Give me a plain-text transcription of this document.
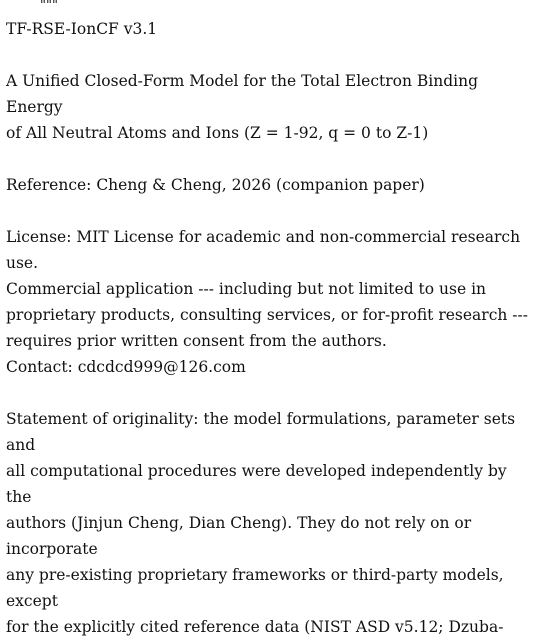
"""

TF-RSE-IonCF v3.1

A Unified Closed-Form Model for the Total Electron Binding Energy

of All Neutral Atoms and Ions (Z = 1-92, q = 0 to Z-1)

Reference: Cheng & Cheng, 2026 (companion paper)

License: MIT License for academic and non-commercial research use.

Commercial application --- including but not limited to use in

proprietary products, consulting services, or for-profit research ---

requires prior written consent from the authors.

Contact: cdcdcd999@126.com

Statement of originality: the model formulations, parameter sets and

all computational procedures were developed independently by the

authors (Jinjun Cheng, Dian Cheng). They do not rely on or incorporate

any pre-existing proprietary frameworks or third-party models, except

for the explicitly cited reference data (NIST ASD v5.12; Dzuba-
